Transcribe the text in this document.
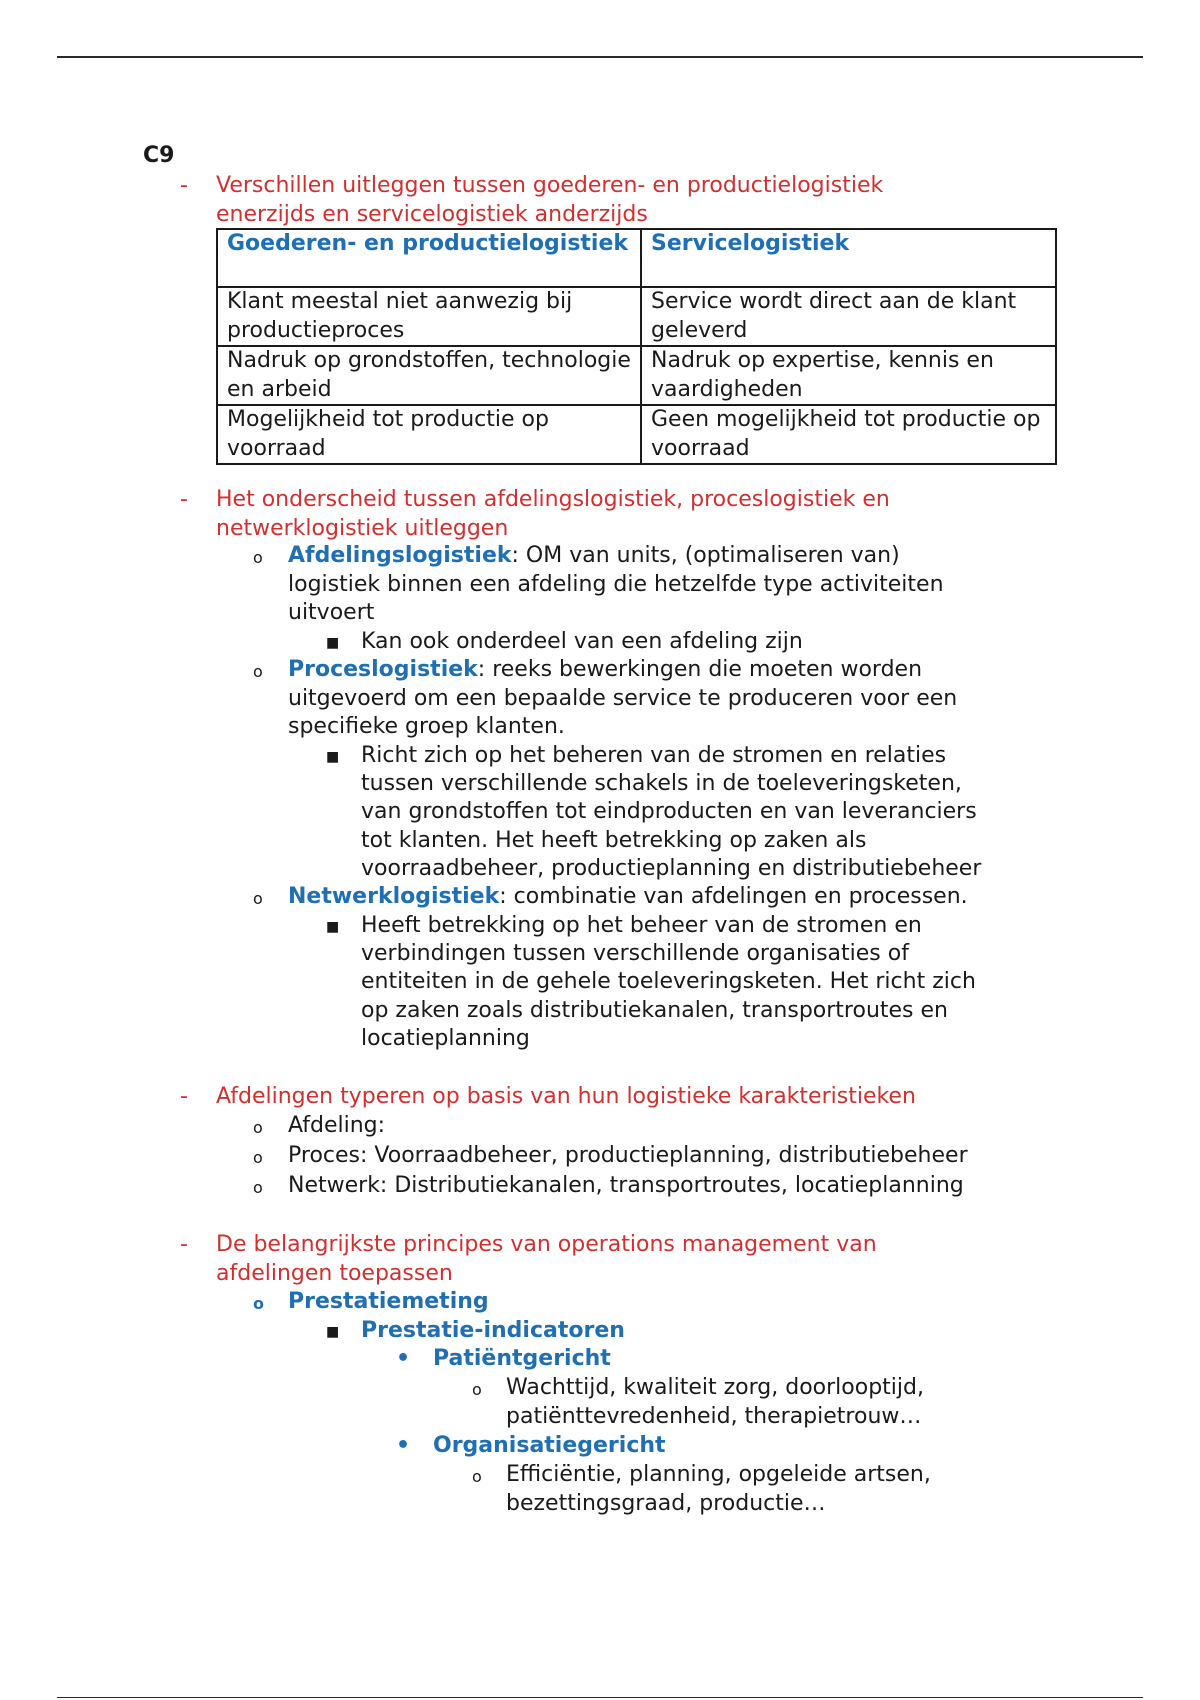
C9
- Verschillen uitleggen tussen goederen- en productielogistiek
enerzijds en servicelogistiek anderzijds
Goederen- en productielogistiek	Servicelogistiek
Klant meestal niet aanwezig bij productieproces	Service wordt direct aan de klant geleverd
Nadruk op grondstoffen, technologie en arbeid	Nadruk op expertise, kennis en vaardigheden
Mogelijkheid tot productie op voorraad	Geen mogelijkheid tot productie op voorraad
- Het onderscheid tussen afdelingslogistiek, proceslogistiek en
netwerklogistiek uitleggen
o Afdelingslogistiek: OM van units, (optimaliseren van)
logistiek binnen een afdeling die hetzelfde type activiteiten
uitvoert
■ Kan ook onderdeel van een afdeling zijn
o Proceslogistiek: reeks bewerkingen die moeten worden
uitgevoerd om een bepaalde service te produceren voor een
specifieke groep klanten.
■ Richt zich op het beheren van de stromen en relaties
tussen verschillende schakels in de toeleveringsketen,
van grondstoffen tot eindproducten en van leveranciers
tot klanten. Het heeft betrekking op zaken als
voorraadbeheer, productieplanning en distributiebeheer
o Netwerklogistiek: combinatie van afdelingen en processen.
■ Heeft betrekking op het beheer van de stromen en
verbindingen tussen verschillende organisaties of
entiteiten in de gehele toeleveringsketen. Het richt zich
op zaken zoals distributiekanalen, transportroutes en
locatieplanning
- Afdelingen typeren op basis van hun logistieke karakteristieken
o Afdeling:
o Proces: Voorraadbeheer, productieplanning, distributiebeheer
o Netwerk: Distributiekanalen, transportroutes, locatieplanning
- De belangrijkste principes van operations management van
afdelingen toepassen
o Prestatiemeting
■ Prestatie-indicatoren
• Patiëntgericht
o Wachttijd, kwaliteit zorg, doorlooptijd,
patiënttevredenheid, therapietrouw…
• Organisatiegericht
o Efficiëntie, planning, opgeleide artsen,
bezettingsgraad, productie…
